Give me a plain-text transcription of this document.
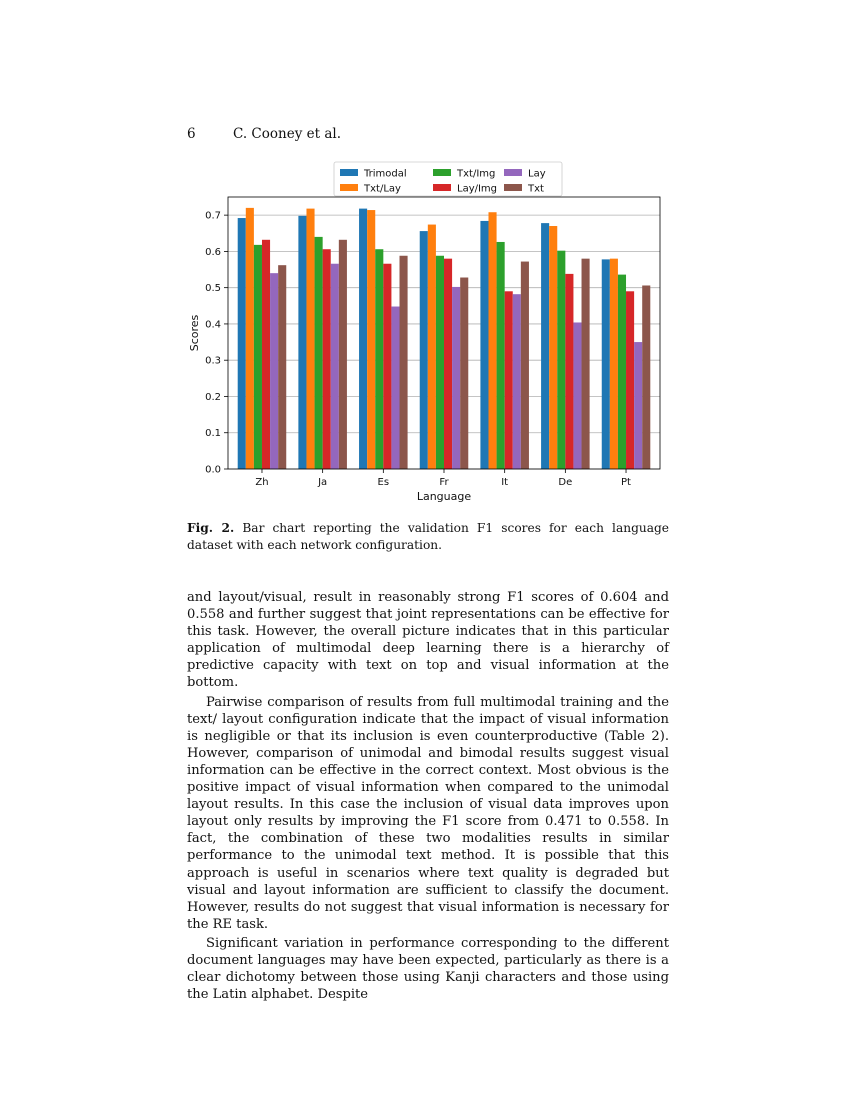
6	C. Cooney et al.
0.0
0.1
0.2
0.3
0.4
0.5
0.6
0.7
Zh	Ja	Es	Fr	It	De	Pt
Language
Scores
Trimodal
Txt/Lay
Txt/Img
Lay/Img
Lay
Txt
Fig. 2. Bar chart reporting the validation F1 scores for each language dataset with each network configuration.

and layout/visual, result in reasonably strong F1 scores of 0.604 and 0.558 and further suggest that joint representations can be effective for this task. However, the overall picture indicates that in this particular application of multimodal deep learning there is a hierarchy of predictive capacity with text on top and visual information at the bottom.

Pairwise comparison of results from full multimodal training and the text/ layout configuration indicate that the impact of visual information is negligible or that its inclusion is even counterproductive (Table 2). However, comparison of unimodal and bimodal results suggest visual information can be effective in the correct context. Most obvious is the positive impact of visual information when compared to the unimodal layout results. In this case the inclusion of visual data improves upon layout only results by improving the F1 score from 0.471 to 0.558. In fact, the combination of these two modalities results in similar performance to the unimodal text method. It is possible that this approach is useful in scenarios where text quality is degraded but visual and layout information are sufficient to classify the document. However, results do not suggest that visual information is necessary for the RE task.

Significant variation in performance corresponding to the different document languages may have been expected, particularly as there is a clear dichotomy between those using Kanji characters and those using the Latin alphabet. Despite
